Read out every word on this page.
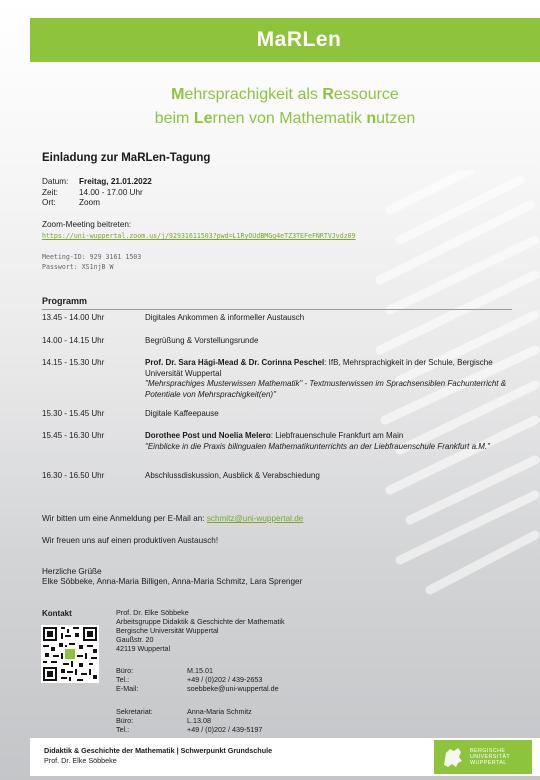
MaRLen
Mehrsprachigkeit als Ressource
beim Lernen von Mathematik nutzen
Einladung zur MaRLen-Tagung
Datum:	Freitag, 21.01.2022
Zeit:	14.00 - 17.00 Uhr
Ort:	Zoom
Zoom-Meeting beitreten:
https://uni-wuppertal.zoom.us/j/92931611503?pwd=L1RyOUdBMGg4eTZ3TEFeFNRTVJvdz09
Meeting-ID: 929 3161 1503
Passwort: XS1njB W
Programm
13.45 - 14.00 Uhr	Digitales Ankommen & informeller Austausch
14.00 - 14.15 Uhr	Begrüßung & Vorstellungsrunde
14.15 - 15.30 Uhr	Prof. Dr. Sara Hägi-Mead & Dr. Corinna Peschel: IfB, Mehrsprachigkeit in der Schule, Bergische Universität Wuppertal
"Mehrsprachiges Musterwissen Mathematik" - Textmusterwissen im Sprachsensiblen Fachunterricht & Potentiale von Mehrsprachigkeit(en)"
15.30 - 15.45 Uhr	Digitale Kaffeepause
15.45 - 16.30 Uhr	Dorothee Post und Noelia Melero: Liebfrauenschule Frankfurt am Main
"Einblicke in die Praxis bilingualen Mathematikunterrichts an der Liebfrauenschule Frankfurt a.M."
16.30 - 16.50 Uhr	Abschlussdiskussion, Ausblick & Verabschiedung
Wir bitten um eine Anmeldung per E-Mail an: schmitz@uni-wuppertal.de
Wir freuen uns auf einen produktiven Austausch!
Herzliche Grüße
Elke Söbbeke, Anna-Maria Billigen, Anna-Maria Schmitz, Lara Sprenger
Kontakt	Prof. Dr. Elke Söbbeke
Arbeitsgruppe Didaktik & Geschichte der Mathematik
Bergische Universität Wuppertal
Gaußstr. 20
42119 Wuppertal
Büro:	M.15.01
Tel.:	+49 / (0)202 / 439-2653
E-Mail:	soebbeke@uni-wuppertal.de
Sekretariat:	Anna-Maria Schmitz
Büro:	L.13.08
Tel.:	+49 / (0)202 / 439-5197
Didaktik & Geschichte der Mathematik | Schwerpunkt Grundschule
Prof. Dr. Elke Söbbeke
BERGISCHE
UNIVERSITÄT
WUPPERTAL
